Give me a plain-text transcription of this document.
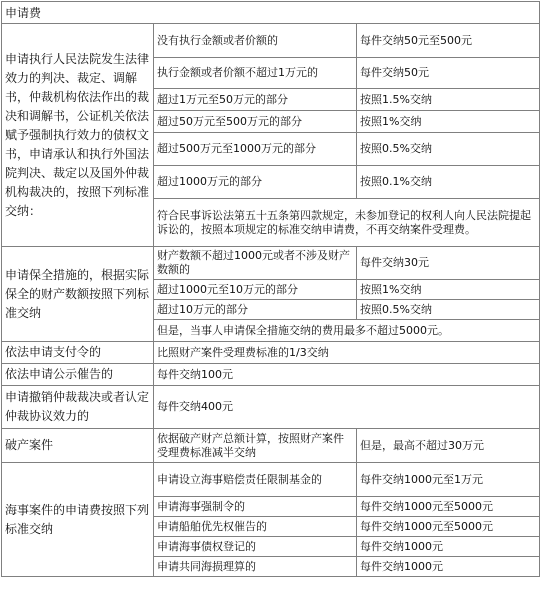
申请费		
申请执行人民法院发生法律效力的判决、裁定、调解书，仲裁机构依法作出的裁决和调解书，公证机关依法赋予强制执行效力的债权文书，申请承认和执行外国法院判决、裁定以及国外仲裁机构裁决的，按照下列标准交纳：	没有执行金额或者价额的	每件交纳50元至500元
	执行金额或者价额不超过1万元的	每件交纳50元
	超过1万元至50万元的部分	按照1.5%交纳
	超过50万元至500万元的部分	按照1%交纳
	超过500万元至1000万元的部分	按照0.5%交纳
	超过1000万元的部分	按照0.1%交纳
	符合民事诉讼法第五十五条第四款规定，未参加登记的权利人向人民法院提起诉讼的，按照本项规定的标准交纳申请费，不再交纳案件受理费。	
申请保全措施的，根据实际保全的财产数额按照下列标准交纳	财产数额不超过1000元或者不涉及财产数额的	每件交纳30元
	超过1000元至10万元的部分	按照1%交纳
	超过10万元的部分	按照0.5%交纳
	但是，当事人申请保全措施交纳的费用最多不超过5000元。	
依法申请支付令的	比照财产案件受理费标准的1/3交纳	
依法申请公示催告的	每件交纳100元	
申请撤销仲裁裁决或者认定仲裁协议效力的	每件交纳400元	
破产案件	依据破产财产总额计算，按照财产案件受理费标准减半交纳	但是，最高不超过30万元
海事案件的申请费按照下列标准交纳	申请设立海事赔偿责任限制基金的	每件交纳1000元至1万元
	申请海事强制令的	每件交纳1000元至5000元
	申请船舶优先权催告的	每件交纳1000元至5000元
	申请海事债权登记的	每件交纳1000元
	申请共同海损理算的	每件交纳1000元
